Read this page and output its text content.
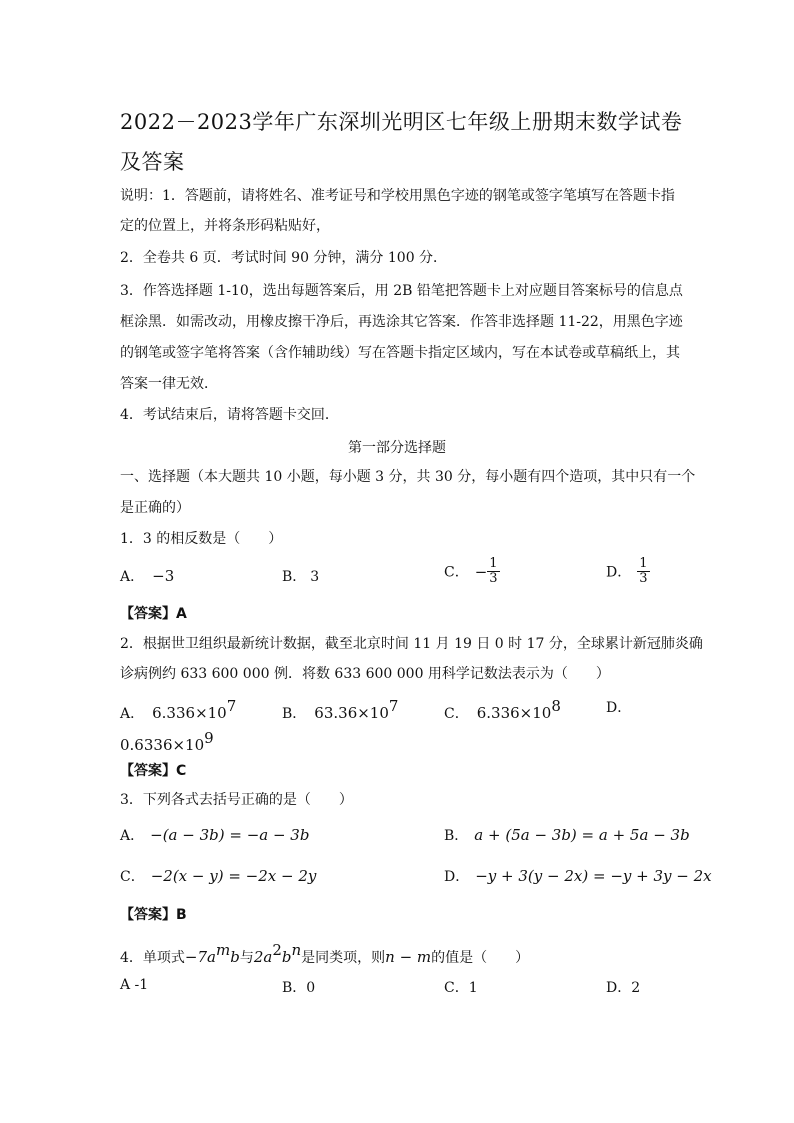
2022－2023学年广东深圳光明区七年级上册期末数学试卷
及答案
说明：1．答题前，请将姓名、准考证号和学校用黑色字迹的钢笔或签字笔填写在答题卡指
定的位置上，并将条形码粘贴好，
2．全卷共 6 页．考试时间 90 分钟，满分 100 分．
3．作答选择题 1-10，选出每题答案后，用 2B 铅笔把答题卡上对应题目答案标号的信息点
框涂黑．如需改动，用橡皮擦干净后，再选涂其它答案．作答非选择题 11-22，用黑色字迹
的钢笔或签字笔将答案（含作辅助线）写在答题卡指定区域内，写在本试卷或草稿纸上，其
答案一律无效．
4．考试结束后，请将答题卡交回．
第一部分选择题
一、选择题（本大题共 10 小题，每小题 3 分，共 30 分，每小题有四个造项，其中只有一个
是正确的）
1．3 的相反数是（　　）
A． −3	B． 3	C． − $\frac{1}{3}$	D． $\frac{1}{3}$
【答案】A
2．根据世卫组织最新统计数据，截至北京时间 11 月 19 日 0 时 17 分，全球累计新冠肺炎确
诊病例约 633 600 000 例．将数 633 600 000 用科学记数法表示为（　　）
A． $6.336\times 10^7$	B． $63.36\times 10^7$	C． $6.336\times 10^8$	D．
$0.6336\times 10^9$
【答案】C
3．下列各式去括号正确的是（　　）
A． −(a − 3b) = −a − 3b	B． a + (5a − 3b) = a + 5a − 3b
C． −2(x − y) = −2x − 2y	D． −y + 3(y − 2x) = −y + 3y − 2x
【答案】B
4．单项式$-7a^mb$与$2a^2b^n$是同类项，则n − m的值是（　　）
A -1	B．0	C．1	D．2
